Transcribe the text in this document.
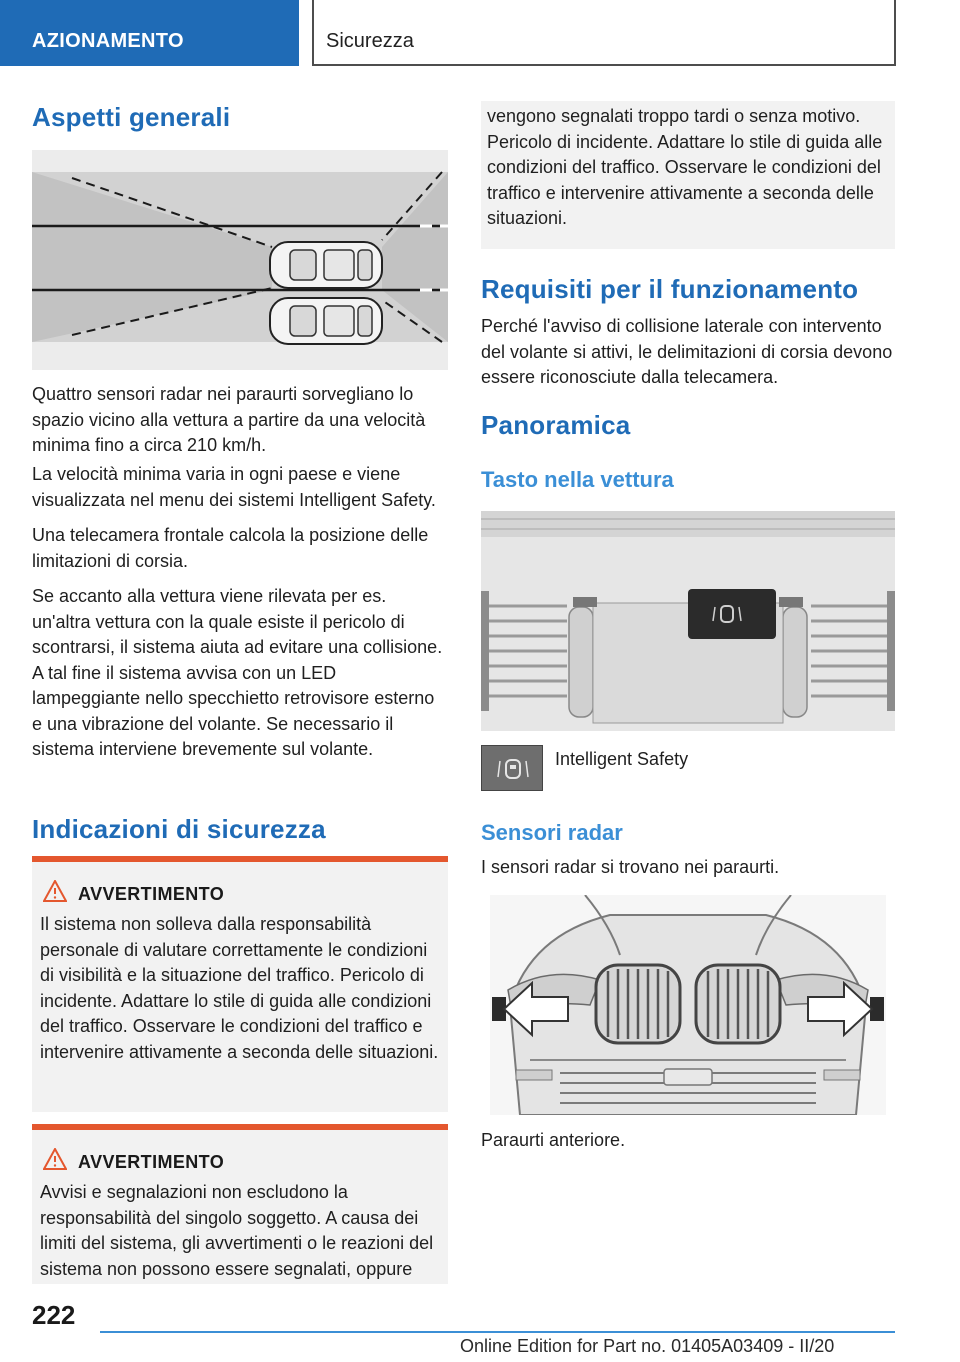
AZIONAMENTO	Sicurezza
Aspetti generali

Quattro sensori radar nei paraurti sorvegliano lo spazio vicino alla vettura a partire da una velocità minima fino a circa 210 km/h.

La velocità minima varia in ogni paese e viene visualizzata nel menu dei sistemi Intelligent Safety.

Una telecamera frontale calcola la posizione delle limitazioni di corsia.

Se accanto alla vettura viene rilevata per es. un'altra vettura con la quale esiste il pericolo di scontrarsi, il sistema aiuta ad evitare una collisione. A tal fine il sistema avvisa con un LED lampeggiante nello specchietto retrovisore esterno e una vibrazione del volante. Se necessario il sistema interviene brevemente sul volante.

Indicazioni di sicurezza
AVVERTIMENTO

Il sistema non solleva dalla responsabilità personale di valutare correttamente le condizioni di visibilità e la situazione del traffico. Pericolo di incidente. Adattare lo stile di guida alle condizioni del traffico. Osservare le condizioni del traffico e intervenire attivamente a seconda delle situazioni.

AVVERTIMENTO

Avvisi e segnalazioni non escludono la responsabilità del singolo soggetto. A causa dei limiti del sistema, gli avvertimenti o le reazioni del sistema non possono essere segnalati, oppure

vengono segnalati troppo tardi o senza motivo. Pericolo di incidente. Adattare lo stile di guida alle condizioni del traffico. Osservare le condizioni del traffico e intervenire attivamente a seconda delle situazioni.

Requisiti per il funzionamento

Perché l'avviso di collisione laterale con intervento del volante si attivi, le delimitazioni di corsia devono essere riconosciute dalla telecamera.

Panoramica
Tasto nella vettura
Intelligent Safety
Sensori radar

I sensori radar si trovano nei paraurti.

Paraurti anteriore.

222
Online Edition for Part no. 01405A03409 - II/20
